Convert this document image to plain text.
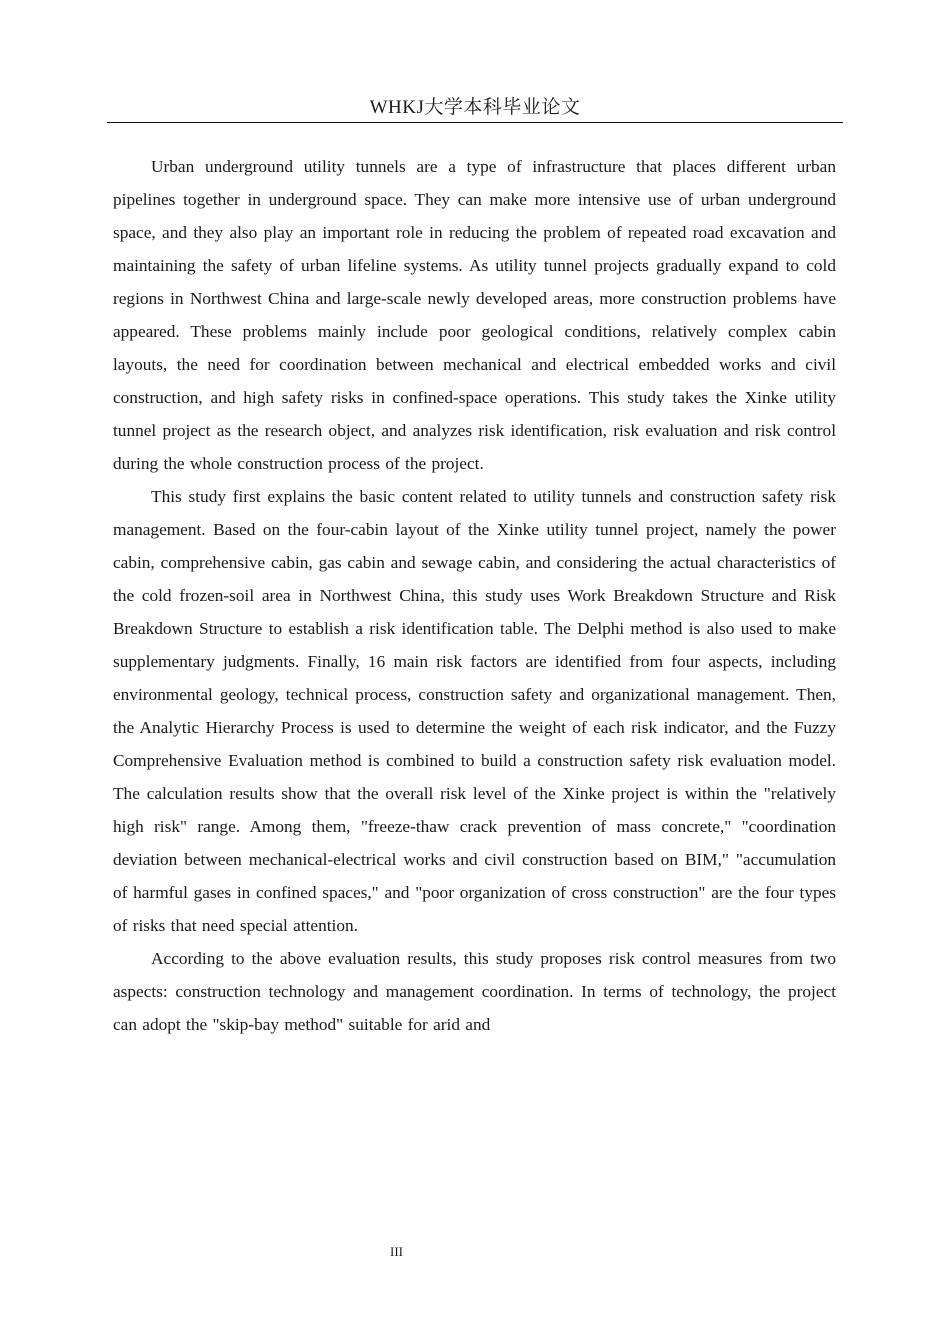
WHKJ大学本科毕业论文

Urban underground utility tunnels are a type of infrastructure that places different urban pipelines together in underground space. They can make more intensive use of urban underground space, and they also play an important role in reducing the problem of repeated road excavation and maintaining the safety of urban lifeline systems. As utility tunnel projects gradually expand to cold regions in Northwest China and large-scale newly developed areas, more construction problems have appeared. These problems mainly include poor geological conditions, relatively complex cabin layouts, the need for coordination between mechanical and electrical embedded works and civil construction, and high safety risks in confined-space operations. This study takes the Xinke utility tunnel project as the research object, and analyzes risk identification, risk evaluation and risk control during the whole construction process of the project.

This study first explains the basic content related to utility tunnels and construction safety risk management. Based on the four-cabin layout of the Xinke utility tunnel project, namely the power cabin, comprehensive cabin, gas cabin and sewage cabin, and considering the actual characteristics of the cold frozen-soil area in Northwest China, this study uses Work Breakdown Structure and Risk Breakdown Structure to establish a risk identification table. The Delphi method is also used to make supplementary judgments. Finally, 16 main risk factors are identified from four aspects, including environmental geology, technical process, construction safety and organizational management. Then, the Analytic Hierarchy Process is used to determine the weight of each risk indicator, and the Fuzzy Comprehensive Evaluation method is combined to build a construction safety risk evaluation model. The calculation results show that the overall risk level of the Xinke project is within the "relatively high risk" range. Among them, "freeze-thaw crack prevention of mass concrete," "coordination deviation between mechanical-electrical works and civil construction based on BIM," "accumulation of harmful gases in confined spaces," and "poor organization of cross construction" are the four types of risks that need special attention.

According to the above evaluation results, this study proposes risk control measures from two aspects: construction technology and management coordination. In terms of technology, the project can adopt the "skip-bay method" suitable for arid and

III
